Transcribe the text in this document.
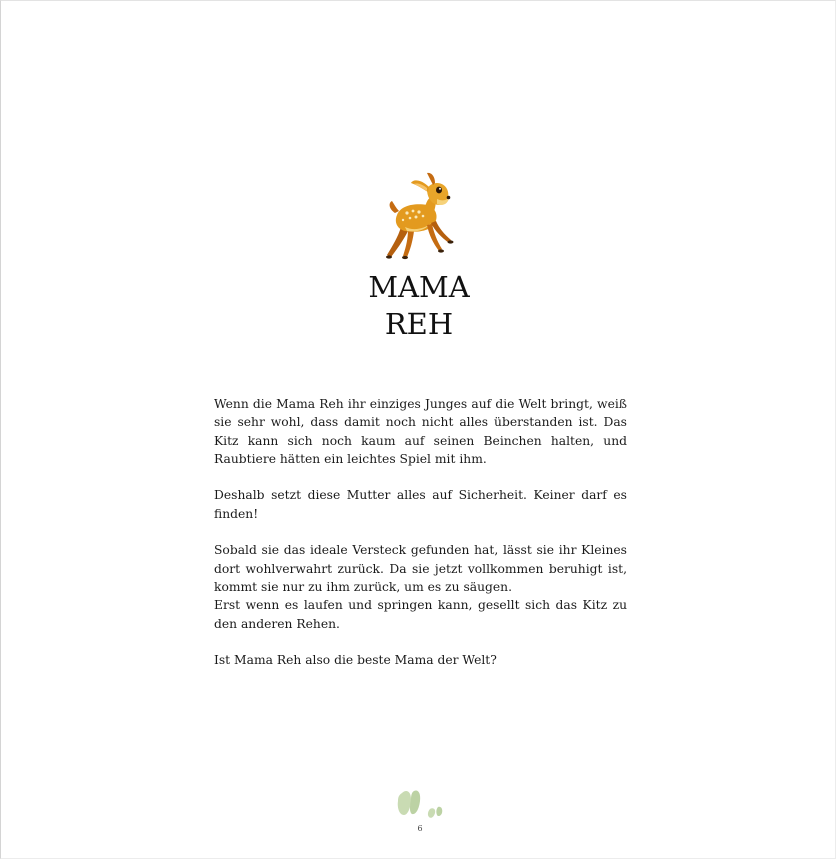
MAMA
REH

Wenn die Mama Reh ihr einziges Junges auf die Welt bringt, weiß sie sehr wohl, dass damit noch nicht alles überstanden ist. Das Kitz kann sich noch kaum auf seinen Beinchen halten, und Raubtiere hätten ein leichtes Spiel mit ihm.

Deshalb setzt diese Mutter alles auf Sicherheit. Keiner darf es finden!

Sobald sie das ideale Versteck gefunden hat, lässt sie ihr Kleines dort wohlverwahrt zurück. Da sie jetzt vollkommen beruhigt ist, kommt sie nur zu ihm zurück, um es zu säugen.

Erst wenn es laufen und springen kann, gesellt sich das Kitz zu den anderen Rehen.

Ist Mama Reh also die beste Mama der Welt?

6
